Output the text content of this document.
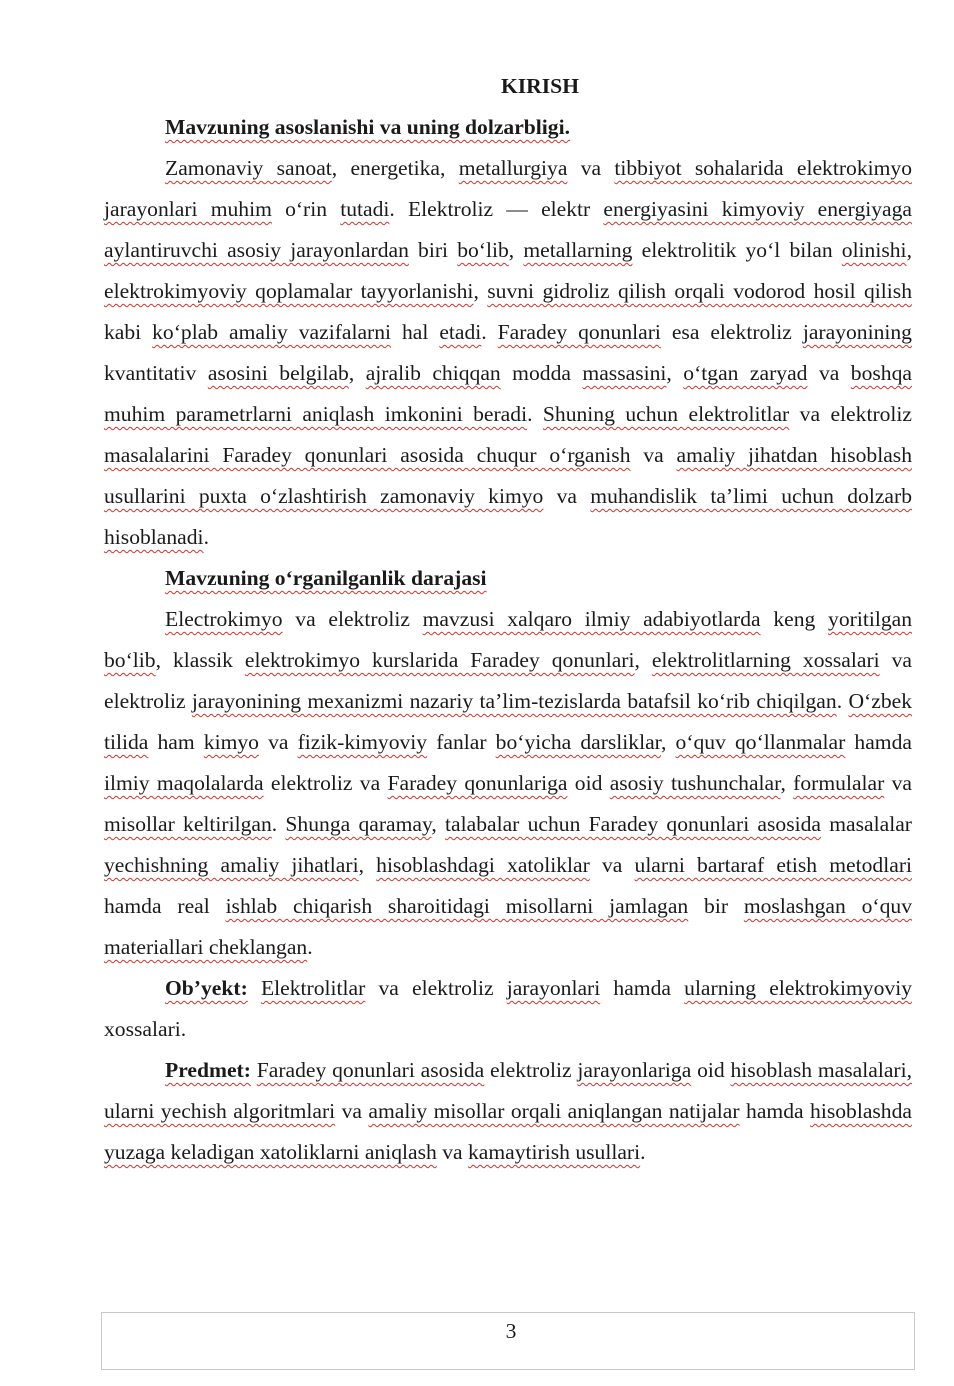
KIRISH

Mavzuning asoslanishi va uning dolzarbligi.

Zamonaviy sanoat, energetika, metallurgiya va tibbiyot sohalarida elektrokimyo jarayonlari muhim o‘rin tutadi. Elektroliz — elektr energiyasini kimyoviy energiyaga aylantiruvchi asosiy jarayonlardan biri bo‘lib, metallarning elektrolitik yo‘l bilan olinishi, elektrokimyoviy qoplamalar tayyorlanishi, suvni gidroliz qilish orqali vodorod hosil qilish kabi ko‘plab amaliy vazifalarni hal etadi. Faradey qonunlari esa elektroliz jarayonining kvantitativ asosini belgilab, ajralib chiqqan modda massasini, o‘tgan zaryad va boshqa muhim parametrlarni aniqlash imkonini beradi. Shuning uchun elektrolitlar va elektroliz masalalarini Faradey qonunlari asosida chuqur o‘rganish va amaliy jihatdan hisoblash usullarini puxta o‘zlashtirish zamonaviy kimyo va muhandislik ta’limi uchun dolzarb hisoblanadi.

Mavzuning o‘rganilganlik darajasi

Electrokimyo va elektroliz mavzusi xalqaro ilmiy adabiyotlarda keng yoritilgan bo‘lib, klassik elektrokimyo kurslarida Faradey qonunlari, elektrolitlarning xossalari va elektroliz jarayonining mexanizmi nazariy ta’lim-tezislarda batafsil ko‘rib chiqilgan. O‘zbek tilida ham kimyo va fizik-kimyoviy fanlar bo‘yicha darsliklar, o‘quv qo‘llanmalar hamda ilmiy maqolalarda elektroliz va Faradey qonunlariga oid asosiy tushunchalar, formulalar va misollar keltirilgan. Shunga qaramay, talabalar uchun Faradey qonunlari asosida masalalar yechishning amaliy jihatlari, hisoblashdagi xatoliklar va ularni bartaraf etish metodlari hamda real ishlab chiqarish sharoitidagi misollarni jamlagan bir moslashgan o‘quv materiallari cheklangan.

Ob’yekt: Elektrolitlar va elektroliz jarayonlari hamda ularning elektrokimyoviy xossalari.

Predmet: Faradey qonunlari asosida elektroliz jarayonlariga oid hisoblash masalalari, ularni yechish algoritmlari va amaliy misollar orqali aniqlangan natijalar hamda hisoblashda yuzaga keladigan xatoliklarni aniqlash va kamaytirish usullari.

3
